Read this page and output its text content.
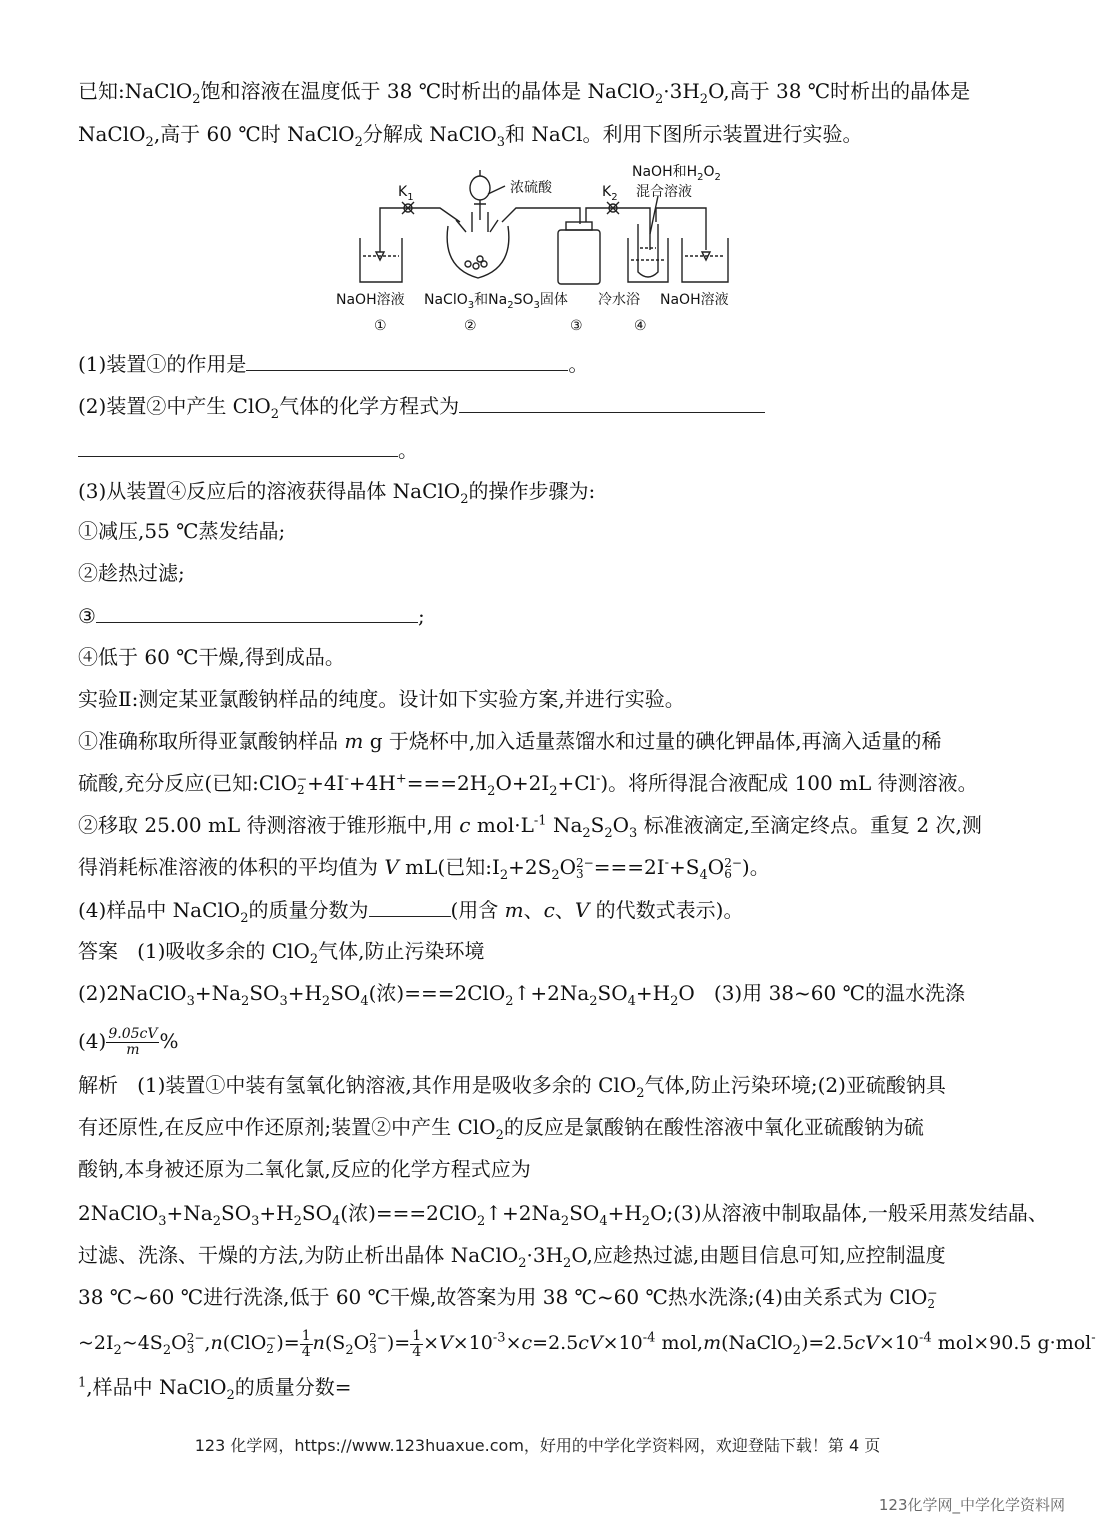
已知:NaClO$_2$饱和溶液在温度低于 38 ℃时析出的晶体是 $NaClO_2\cdot 3H_2O$,高于 38 ℃时析出的晶体是
NaClO$_2$,高于 60 ℃时 NaClO$_2$分解成 NaClO$_3$和 NaCl。利用下图所示装置进行实验。
$K_1$
浓硫酸	$K_2$
NaOH和$H_2O_2$
混合溶液
NaOH溶液 NaClO$_3$和$Na_2SO_3$固体 冷水浴 NaOH溶液
①	②	③	④
(1)装置①的作用是	。
(2)装置②中产生 ClO$_2$气体的化学方程式为
。
(3)从装置④反应后的溶液获得晶体 NaClO$_2$的操作步骤为:
①减压,55 ℃蒸发结晶;
②趁热过滤;
③	;
④低于 60 ℃干燥,得到成品。
实验Ⅱ:测定某亚氯酸钠样品的纯度。设计如下实验方案,并进行实验。
①准确称取所得亚氯酸钠样品 m g 于烧杯中,加入适量蒸馏水和过量的碘化钾晶体,再滴入适量的稀
硫酸,充分反应(已知:ClO −
$2 +4I^-+4H^+===2H_2O+2I_2+Cl^-$)。将所得混合液配成 100 mL 待测溶液。
②移取 25.00 mL 待测溶液于锥形瓶中,用 c $mol\cdot L^{-1}$ $Na_2S_2O_3$ 标准液滴定,至滴定终点。重复 2 次,测
得消耗标准溶液的体积的平均值为 V mL(已知$:I_2+2S_2O$ 2−
$3 ===2I^-+S_4O$ 2−
6 )。
(4)样品中 NaClO$_2$的质量分数为	(用含 m、c、V 的代数式表示)。
答案 (1)吸收多余的 ClO$_2$气体,防止污染环境
$(2)2NaClO_3+Na_2SO_3+H_2SO_4$(浓)$===2ClO_2↑+2Na_2SO_4+H_2O$ (3)用 38~60 ℃的温水洗涤
$(4) \frac{9.05cV}{m}$ %
解析 (1)装置①中装有氢氧化钠溶液,其作用是吸收多余的 ClO$_2$气体,防止污染环境;(2)亚硫酸钠具
有还原性,在反应中作还原剂;装置②中产生 ClO$_2$的反应是氯酸钠在酸性溶液中氧化亚硫酸钠为硫
酸钠,本身被还原为二氧化氯,反应的化学方程式应为
$2NaClO_3+Na_2SO_3+H_2SO_4$(浓)$===2ClO_2↑+2Na_2SO_4+H_2O;(3)$从溶液中制取晶体,一般采用蒸发结晶、
过滤、洗涤、干燥的方法,为防止析出晶体 $NaClO_2\cdot 3H_2O$,应趁热过滤,由题目信息可知,应控制温度
38 ℃~60 ℃进行洗涤,低于 60 ℃干燥,故答案为用 38 ℃~60 ℃热水洗涤;(4)由关系式为 ClO −
2
$\sim 2I_2\sim 4S_2O$ 2−
3 ,n(ClO −
2 )= $\frac{1}{4} n(S_2O$ 2−
3 )= $\frac{1}{4} \times V\times 10^{-3}\times c=2.5cV\times 10^{-4}$ $mol,m(NaClO_2)=2.5cV\times 10^{-4}$ mol×90.5 g·mol-
$^1$,样品中 NaClO$_2$的质量分数=
123 化学网，https://www.123huaxue.com，好用的中学化学资料网，欢迎登陆下载！第 4 页
123化学网_中学化学资料网
